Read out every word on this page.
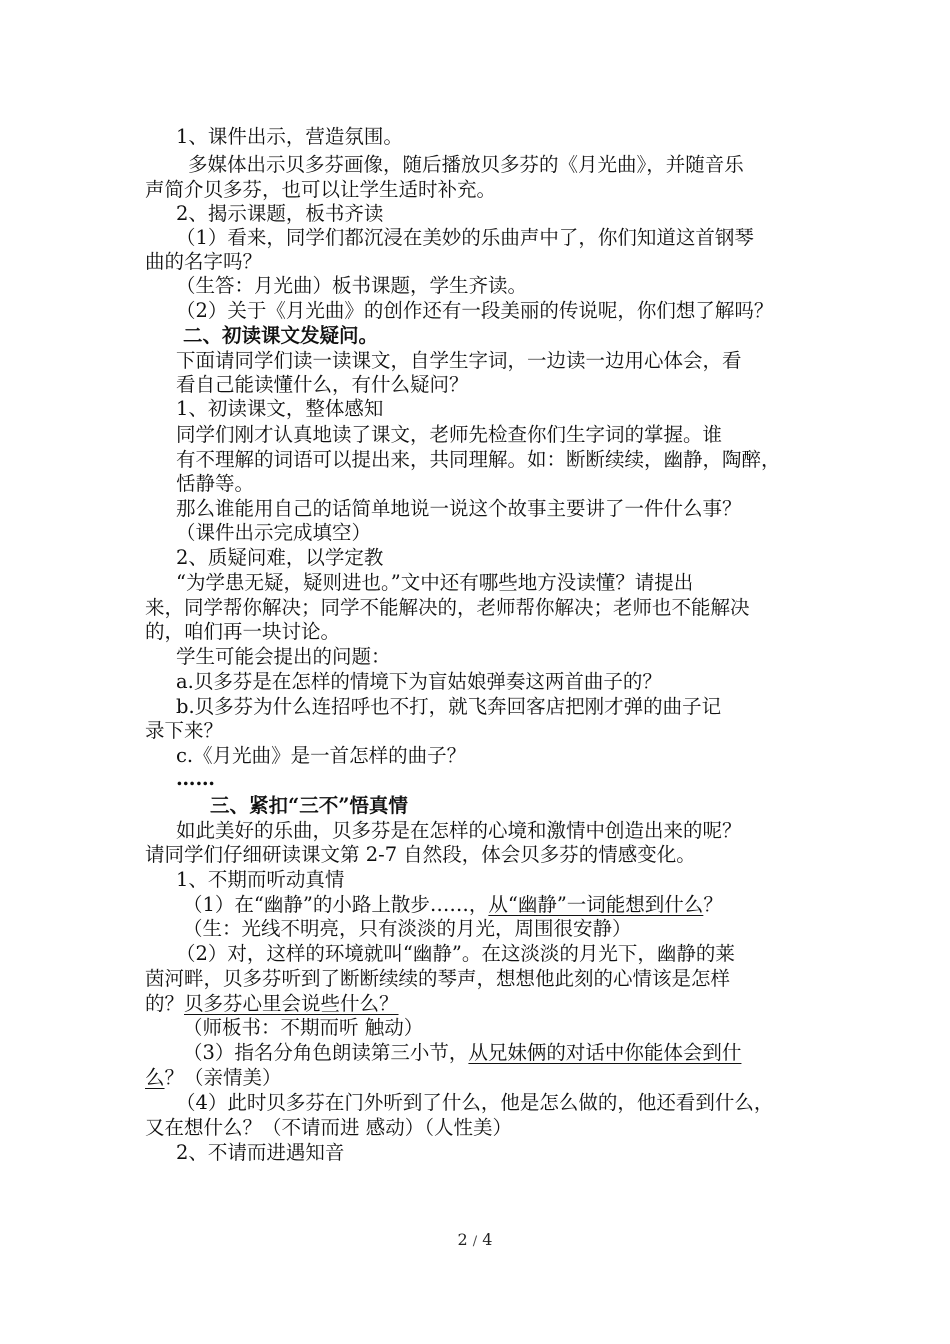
1、课件出示，营造氛围。
多媒体出示贝多芬画像，随后播放贝多芬的《月光曲》，并随音乐
声简介贝多芬，也可以让学生适时补充。
2、揭示课题，板书齐读
（1）看来，同学们都沉浸在美妙的乐曲声中了，你们知道这首钢琴
曲的名字吗？
（生答：月光曲）板书课题，学生齐读。
（2）关于《月光曲》的创作还有一段美丽的传说呢，你们想了解吗？
二、初读课文发疑问。
下面请同学们读一读课文，自学生字词，一边读一边用心体会，看
看自己能读懂什么，有什么疑问？
1、初读课文，整体感知
同学们刚才认真地读了课文，老师先检查你们生字词的掌握。谁
有不理解的词语可以提出来，共同理解。如：断断续续，幽静，陶醉，
恬静等。
那么谁能用自己的话简单地说一说这个故事主要讲了一件什么事？
（课件出示完成填空）
2、质疑问难，以学定教
“为学患无疑，疑则进也。”文中还有哪些地方没读懂？请提出
来，同学帮你解决；同学不能解决的，老师帮你解决；老师也不能解决
的，咱们再一块讨论。
学生可能会提出的问题：
a.贝多芬是在怎样的情境下为盲姑娘弹奏这两首曲子的？
b.贝多芬为什么连招呼也不打，就飞奔回客店把刚才弹的曲子记
录下来？
c.《月光曲》是一首怎样的曲子？
……
三、紧扣“三不”悟真情
如此美好的乐曲，贝多芬是在怎样的心境和激情中创造出来的呢？
请同学们仔细研读课文第 2-7 自然段，体会贝多芬的情感变化。
1、不期而听动真情
（1）在“幽静”的小路上散步……，从“幽静”一词能想到什么？
（生：光线不明亮，只有淡淡的月光，周围很安静）
（2）对，这样的环境就叫“幽静”。在这淡淡的月光下，幽静的莱
茵河畔，贝多芬听到了断断续续的琴声，想想他此刻的心情该是怎样
的？贝多芬心里会说些什么？
（师板书：不期而听 触动）
（3）指名分角色朗读第三小节，从兄妹俩的对话中你能体会到什
么？（亲情美）
（4）此时贝多芬在门外听到了什么，他是怎么做的，他还看到什么，
又在想什么？（不请而进 感动）（人性美）
2、不请而进遇知音
2 / 4
